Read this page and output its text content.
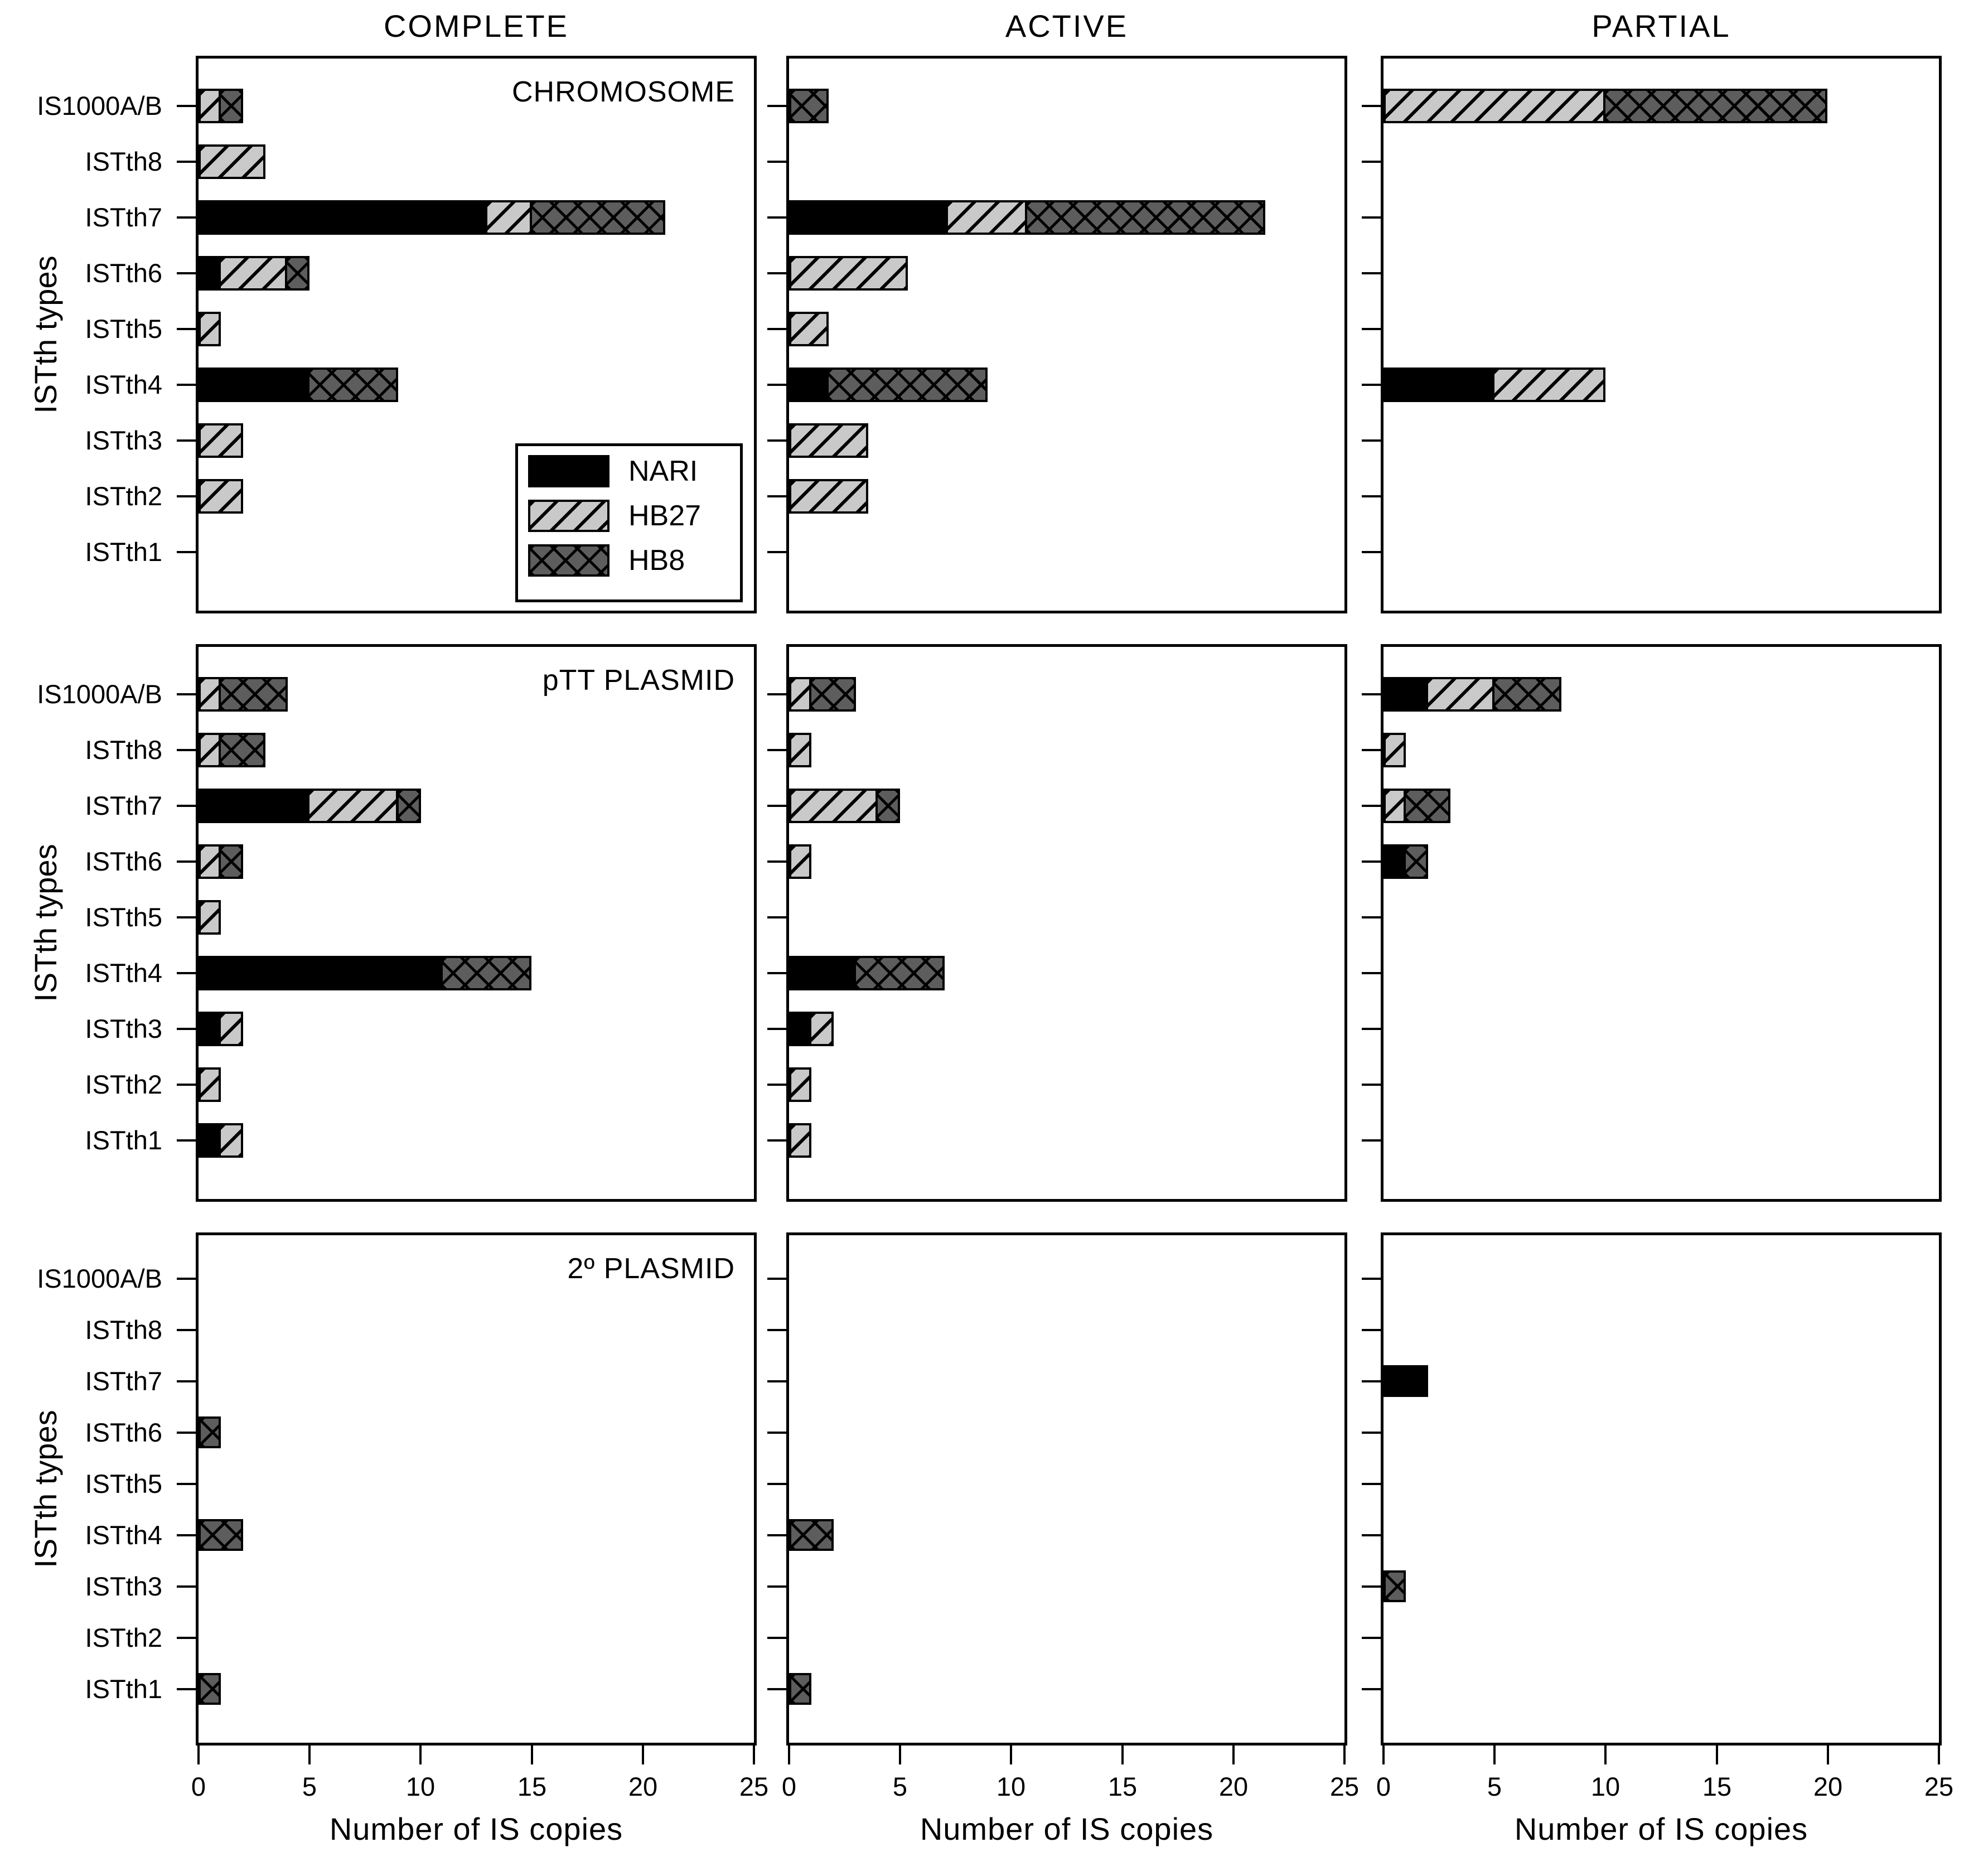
COMPLETE	ACTIVE	PARTIAL
CHROMOSOME
NARI
HB27
HB8
IS1000A/B
ISTth8
ISTth7
ISTth6
ISTth5
ISTth4
ISTth3
ISTth2
ISTth1
ISTth types
pTT PLASMID
IS1000A/B
ISTth8
ISTth7
ISTth6
ISTth5
ISTth4
ISTth3
ISTth2
ISTth1
ISTth types
2º PLASMID
IS1000A/B
ISTth8
ISTth7
ISTth6
ISTth5
ISTth4
ISTth3
ISTth2
ISTth1
ISTth types
0	5	10	15	20	25
Number of IS copies
0	5	10	15	20	25
Number of IS copies
0	5	10	15	20	25
Number of IS copies
